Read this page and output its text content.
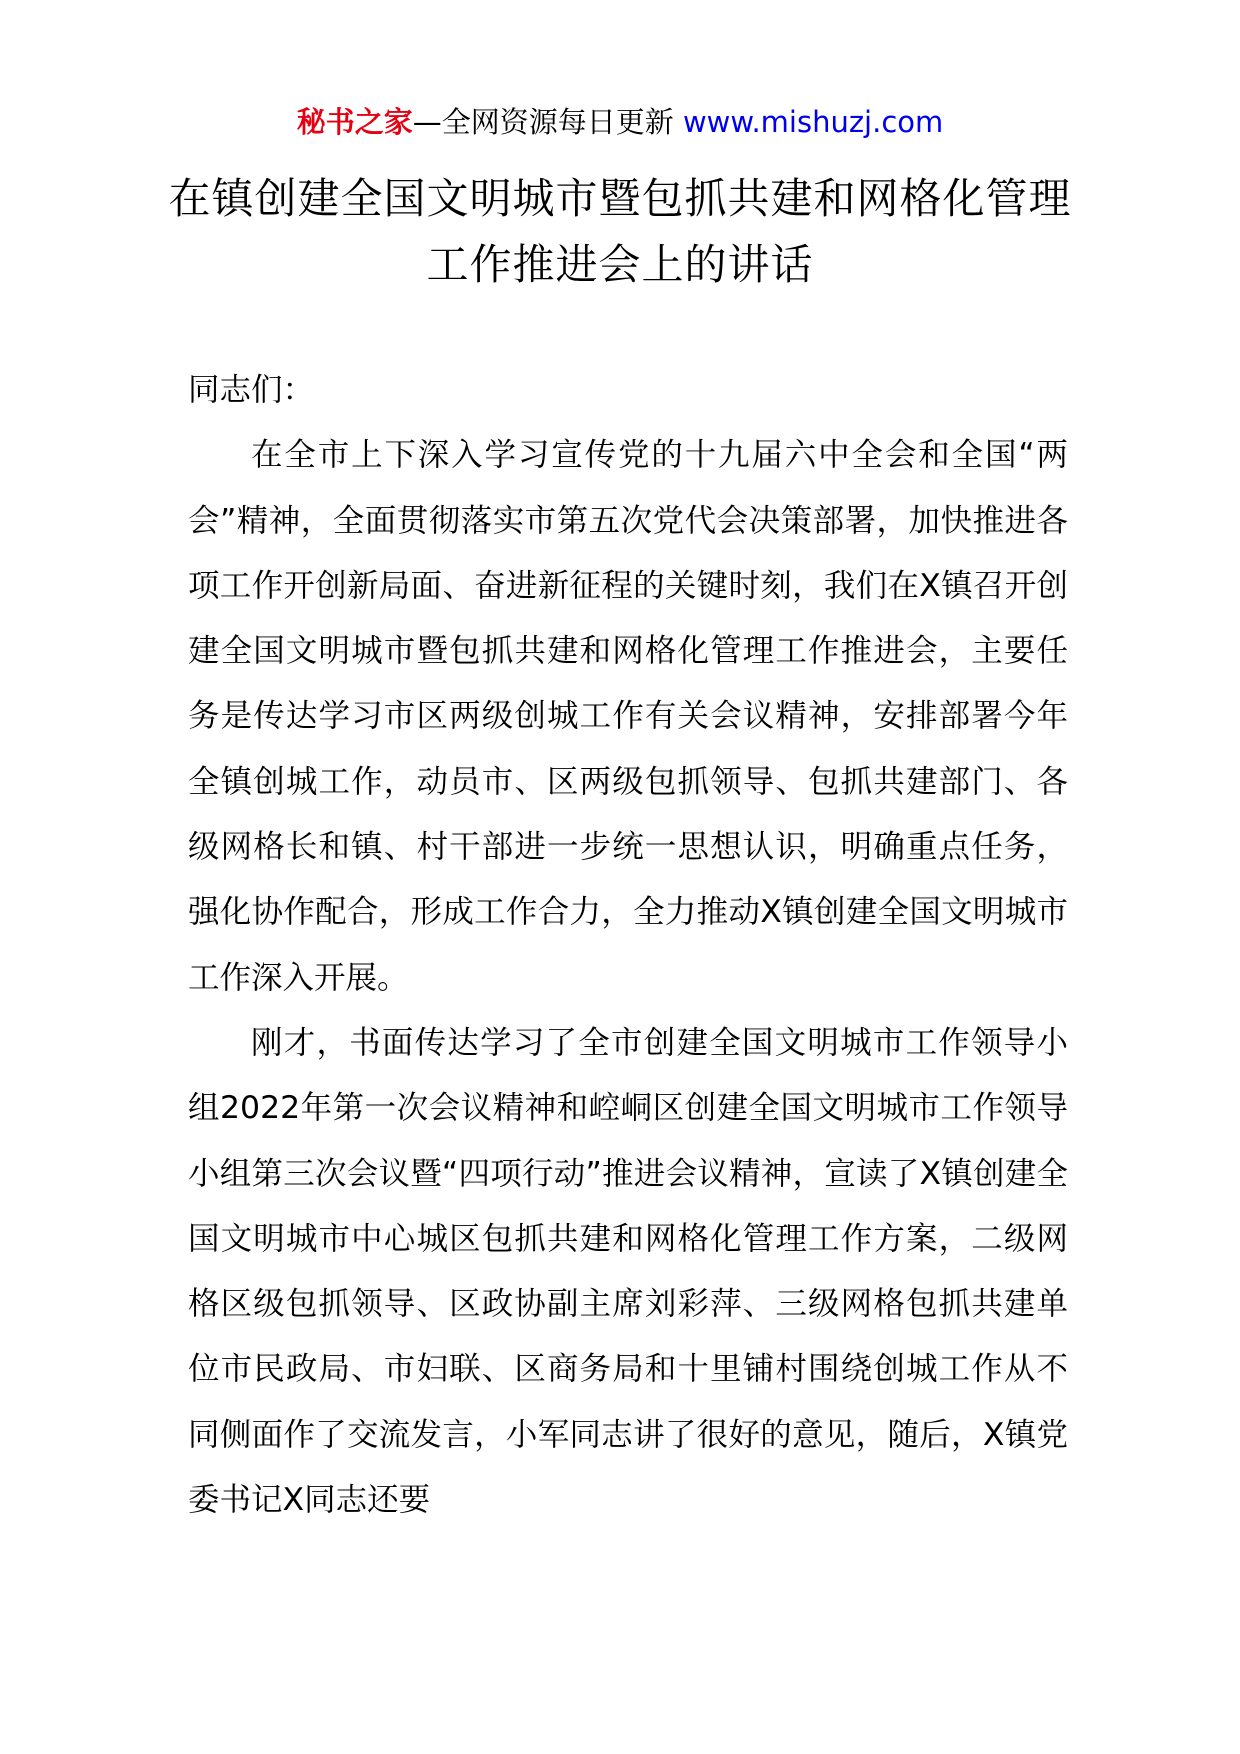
秘书之家—全网资源每日更新 www.mishuzj.com
在镇创建全国文明城市暨包抓共建和网格化管理工作推进会上的讲话

同志们：

在全市上下深入学习宣传党的十九届六中全会和全国“两会”精神，全面贯彻落实市第五次党代会决策部署，加快推进各项工作开创新局面、奋进新征程的关键时刻，我们在X镇召开创建全国文明城市暨包抓共建和网格化管理工作推进会，主要任务是传达学习市区两级创城工作有关会议精神，安排部署今年全镇创城工作，动员市、区两级包抓领导、包抓共建部门、各级网格长和镇、村干部进一步统一思想认识，明确重点任务，强化协作配合，形成工作合力，全力推动X镇创建全国文明城市工作深入开展。

刚才，书面传达学习了全市创建全国文明城市工作领导小组2022年第一次会议精神和崆峒区创建全国文明城市工作领导小组第三次会议暨“四项行动”推进会议精神，宣读了X镇创建全国文明城市中心城区包抓共建和网格化管理工作方案，二级网格区级包抓领导、区政协副主席刘彩萍、三级网格包抓共建单位市民政局、市妇联、区商务局和十里铺村围绕创城工作从不同侧面作了交流发言，小军同志讲了很好的意见，随后，X镇党委书记X同志还要
